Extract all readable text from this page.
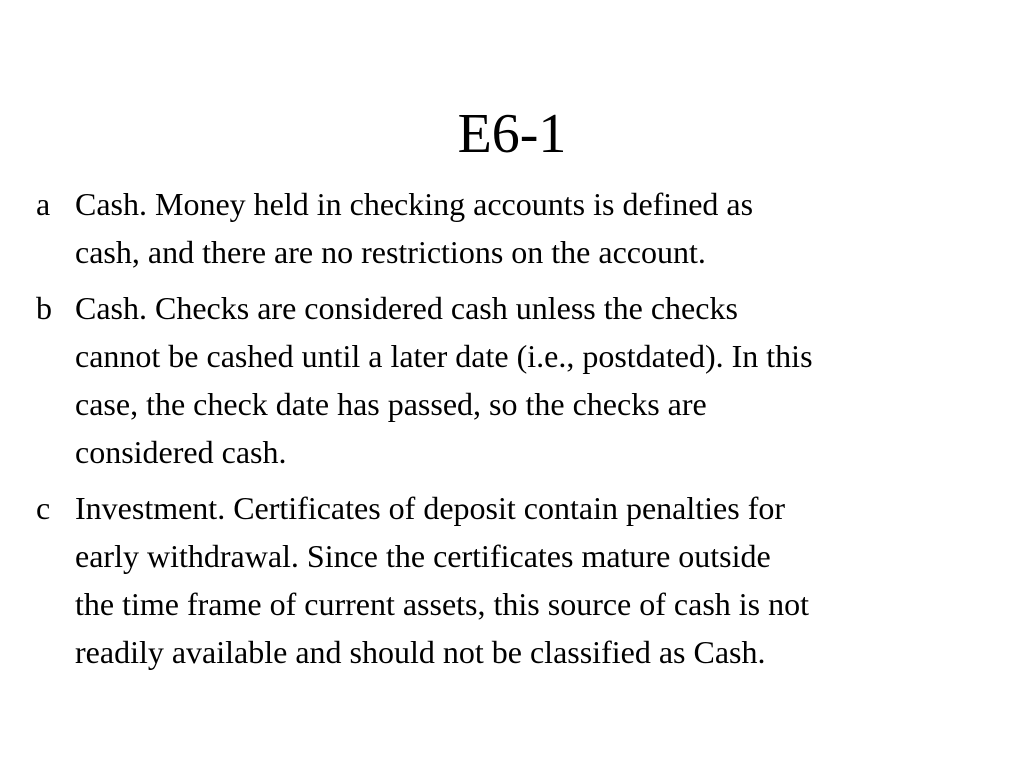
E6-1
a Cash. Money held in checking accounts is defined as
cash, and there are no restrictions on the account.
b Cash. Checks are considered cash unless the checks
cannot be cashed until a later date (i.e., postdated). In this
case, the check date has passed, so the checks are
considered cash.
c Investment. Certificates of deposit contain penalties for
early withdrawal. Since the certificates mature outside
the time frame of current assets, this source of cash is not
readily available and should not be classified as Cash.
